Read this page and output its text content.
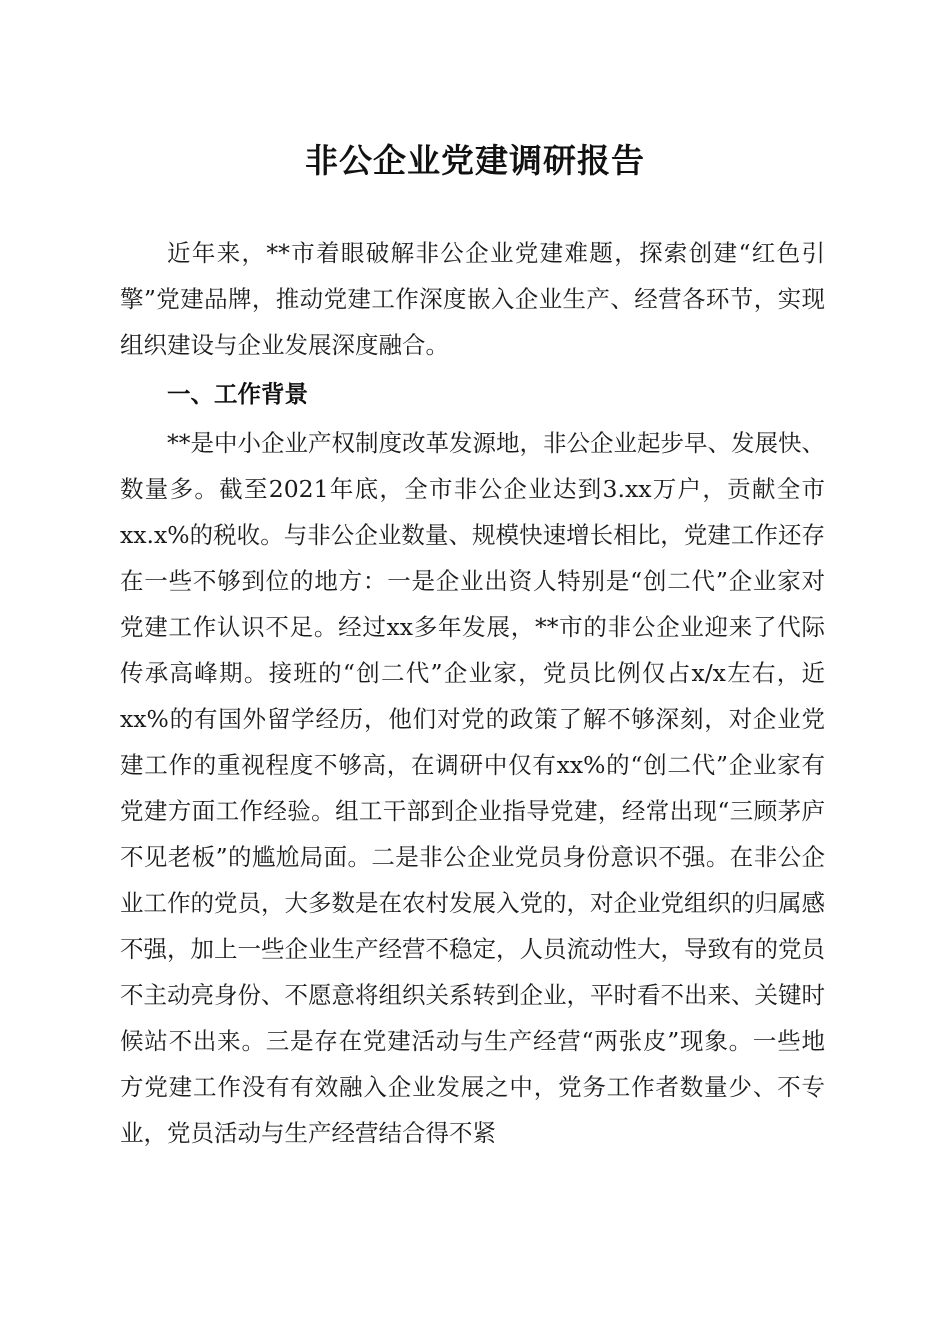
非公企业党建调研报告

近年来，**市着眼破解非公企业党建难题，探索创建“红色引擎”党建品牌，推动党建工作深度嵌入企业生产、经营各环节，实现组织建设与企业发展深度融合。

一、工作背景

**是中小企业产权制度改革发源地，非公企业起步早、发展快、数量多。截至2021年底，全市非公企业达到3.xx万户，贡献全市xx.x%的税收。与非公企业数量、规模快速增长相比，党建工作还存在一些不够到位的地方：一是企业出资人特别是“创二代”企业家对党建工作认识不足。经过xx多年发展，**市的非公企业迎来了代际传承高峰期。接班的“创二代”企业家，党员比例仅占x/x左右，近xx%的有国外留学经历，他们对党的政策了解不够深刻，对企业党建工作的重视程度不够高，在调研中仅有xx%的“创二代”企业家有党建方面工作经验。组工干部到企业指导党建，经常出现“三顾茅庐不见老板”的尴尬局面。二是非公企业党员身份意识不强。在非公企业工作的党员，大多数是在农村发展入党的，对企业党组织的归属感不强，加上一些企业生产经营不稳定，人员流动性大，导致有的党员不主动亮身份、不愿意将组织关系转到企业，平时看不出来、关键时候站不出来。三是存在党建活动与生产经营“两张皮”现象。一些地方党建工作没有有效融入企业发展之中，党务工作者数量少、不专业，党员活动与生产经营结合得不紧
